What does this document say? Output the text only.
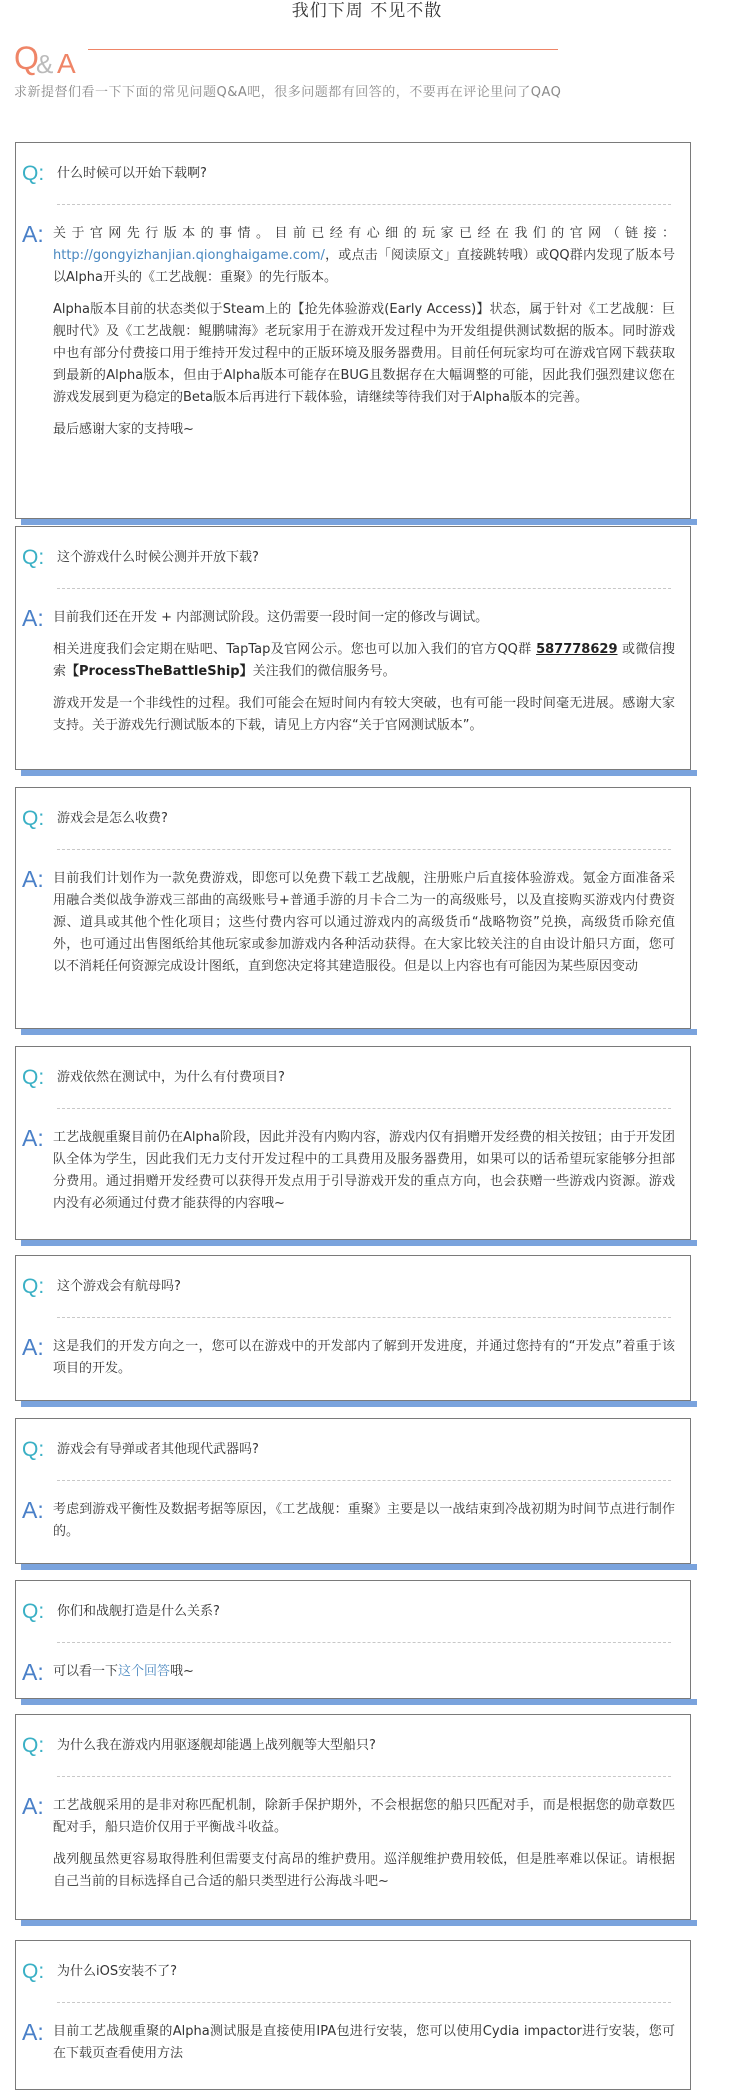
我们下周 不见不散
Q
& A
求新提督们看一下下面的常见问题Q&A吧，很多问题都有回答的，不要再在评论里问了QAQ
Q: 什么时候可以开始下载啊?
A: 关于官网先行版本的事情。目前已经有心细的玩家已经在我们的官网（链接：http://gongyizhanjian.qionghaigame.com/，或点击「阅读原文」直接跳转哦）或QQ群内发现了版本号以Alpha开头的《工艺战舰：重聚》的先行版本。

Alpha版本目前的状态类似于Steam上的【抢先体验游戏(Early Access)】状态，属于针对《工艺战舰：巨舰时代》及《工艺战舰：鲲鹏啸海》老玩家用于在游戏开发过程中为开发组提供测试数据的版本。同时游戏中也有部分付费接口用于维持开发过程中的正版环境及服务器费用。目前任何玩家均可在游戏官网下载获取到最新的Alpha版本，但由于Alpha版本可能存在BUG且数据存在大幅调整的可能，因此我们强烈建议您在游戏发展到更为稳定的Beta版本后再进行下载体验，请继续等待我们对于Alpha版本的完善。

最后感谢大家的支持哦~

Q: 这个游戏什么时候公测并开放下载?
A: 目前我们还在开发 + 内部测试阶段。这仍需要一段时间一定的修改与调试。

相关进度我们会定期在贴吧、TapTap及官网公示。您也可以加入我们的官方QQ群 587778629 或微信搜索【ProcessTheBattleShip】关注我们的微信服务号。

游戏开发是一个非线性的过程。我们可能会在短时间内有较大突破，也有可能一段时间毫无进展。感谢大家支持。关于游戏先行测试版本的下载，请见上方内容“关于官网测试版本”。

Q: 游戏会是怎么收费?
A: 目前我们计划作为一款免费游戏，即您可以免费下载工艺战舰，注册账户后直接体验游戏。氪金方面准备采用融合类似战争游戏三部曲的高级账号+普通手游的月卡合二为一的高级账号，以及直接购买游戏内付费资源、道具或其他个性化项目；这些付费内容可以通过游戏内的高级货币“战略物资”兑换，高级货币除充值外，也可通过出售图纸给其他玩家或参加游戏内各种活动获得。在大家比较关注的自由设计船只方面，您可以不消耗任何资源完成设计图纸，直到您决定将其建造服役。但是以上内容也有可能因为某些原因变动

Q: 游戏依然在测试中，为什么有付费项目?
A: 工艺战舰重聚目前仍在Alpha阶段，因此并没有内购内容，游戏内仅有捐赠开发经费的相关按钮；由于开发团队全体为学生，因此我们无力支付开发过程中的工具费用及服务器费用，如果可以的话希望玩家能够分担部分费用。通过捐赠开发经费可以获得开发点用于引导游戏开发的重点方向，也会获赠一些游戏内资源。游戏内没有必须通过付费才能获得的内容哦~

Q: 这个游戏会有航母吗?
A: 这是我们的开发方向之一，您可以在游戏中的开发部内了解到开发进度，并通过您持有的“开发点”着重于该项目的开发。

Q: 游戏会有导弹或者其他现代武器吗?
A: 考虑到游戏平衡性及数据考据等原因，《工艺战舰：重聚》主要是以一战结束到冷战初期为时间节点进行制作的。

Q: 你们和战舰打造是什么关系?
A: 可以看一下这个回答哦~

Q: 为什么我在游戏内用驱逐舰却能遇上战列舰等大型船只?
A: 工艺战舰采用的是非对称匹配机制，除新手保护期外，不会根据您的船只匹配对手，而是根据您的勋章数匹配对手，船只造价仅用于平衡战斗收益。

战列舰虽然更容易取得胜利但需要支付高昂的维护费用。巡洋舰维护费用较低，但是胜率难以保证。请根据自己当前的目标选择自己合适的船只类型进行公海战斗吧~

Q: 为什么iOS安装不了?
A: 目前工艺战舰重聚的Alpha测试服是直接使用IPA包进行安装，您可以使用Cydia impactor进行安装，您可在下载页查看使用方法
